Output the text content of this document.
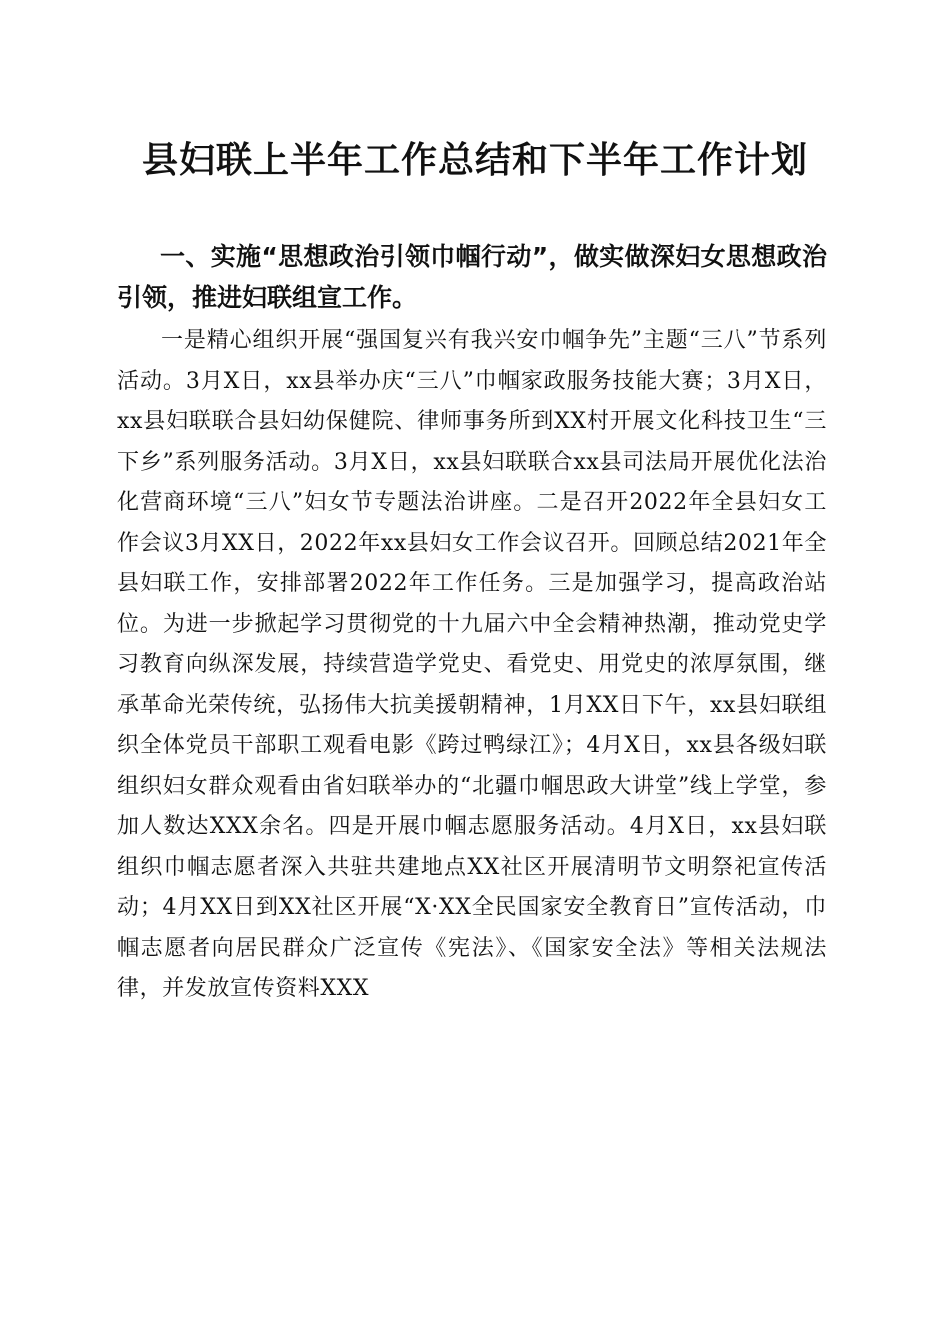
县妇联上半年工作总结和下半年工作计划

一、实施“思想政治引领巾帼行动”，做实做深妇女思想政治引领，推进妇联组宣工作。

一是精心组织开展“强国复兴有我兴安巾帼争先”主题“三八”节系列活动。3月X日，xx县举办庆“三八”巾帼家政服务技能大赛；3月X日，xx县妇联联合县妇幼保健院、律师事务所到XX村开展文化科技卫生“三下乡”系列服务活动。3月X日，xx县妇联联合xx县司法局开展优化法治化营商环境“三八”妇女节专题法治讲座。二是召开2022年全县妇女工作会议3月XX日，2022年xx县妇女工作会议召开。回顾总结2021年全县妇联工作，安排部署2022年工作任务。三是加强学习，提高政治站位。为进一步掀起学习贯彻党的十九届六中全会精神热潮，推动党史学习教育向纵深发展，持续营造学党史、看党史、用党史的浓厚氛围，继承革命光荣传统，弘扬伟大抗美援朝精神，1月XX日下午，xx县妇联组织全体党员干部职工观看电影《跨过鸭绿江》；4月X日，xx县各级妇联组织妇女群众观看由省妇联举办的“北疆巾帼思政大讲堂”线上学堂，参加人数达XXX余名。四是开展巾帼志愿服务活动。4月X日，xx县妇联组织巾帼志愿者深入共驻共建地点XX社区开展清明节文明祭祀宣传活动；4月XX日到XX社区开展“X·XX全民国家安全教育日”宣传活动，巾帼志愿者向居民群众广泛宣传《宪法》、《国家安全法》等相关法规法律，并发放宣传资料XXX
